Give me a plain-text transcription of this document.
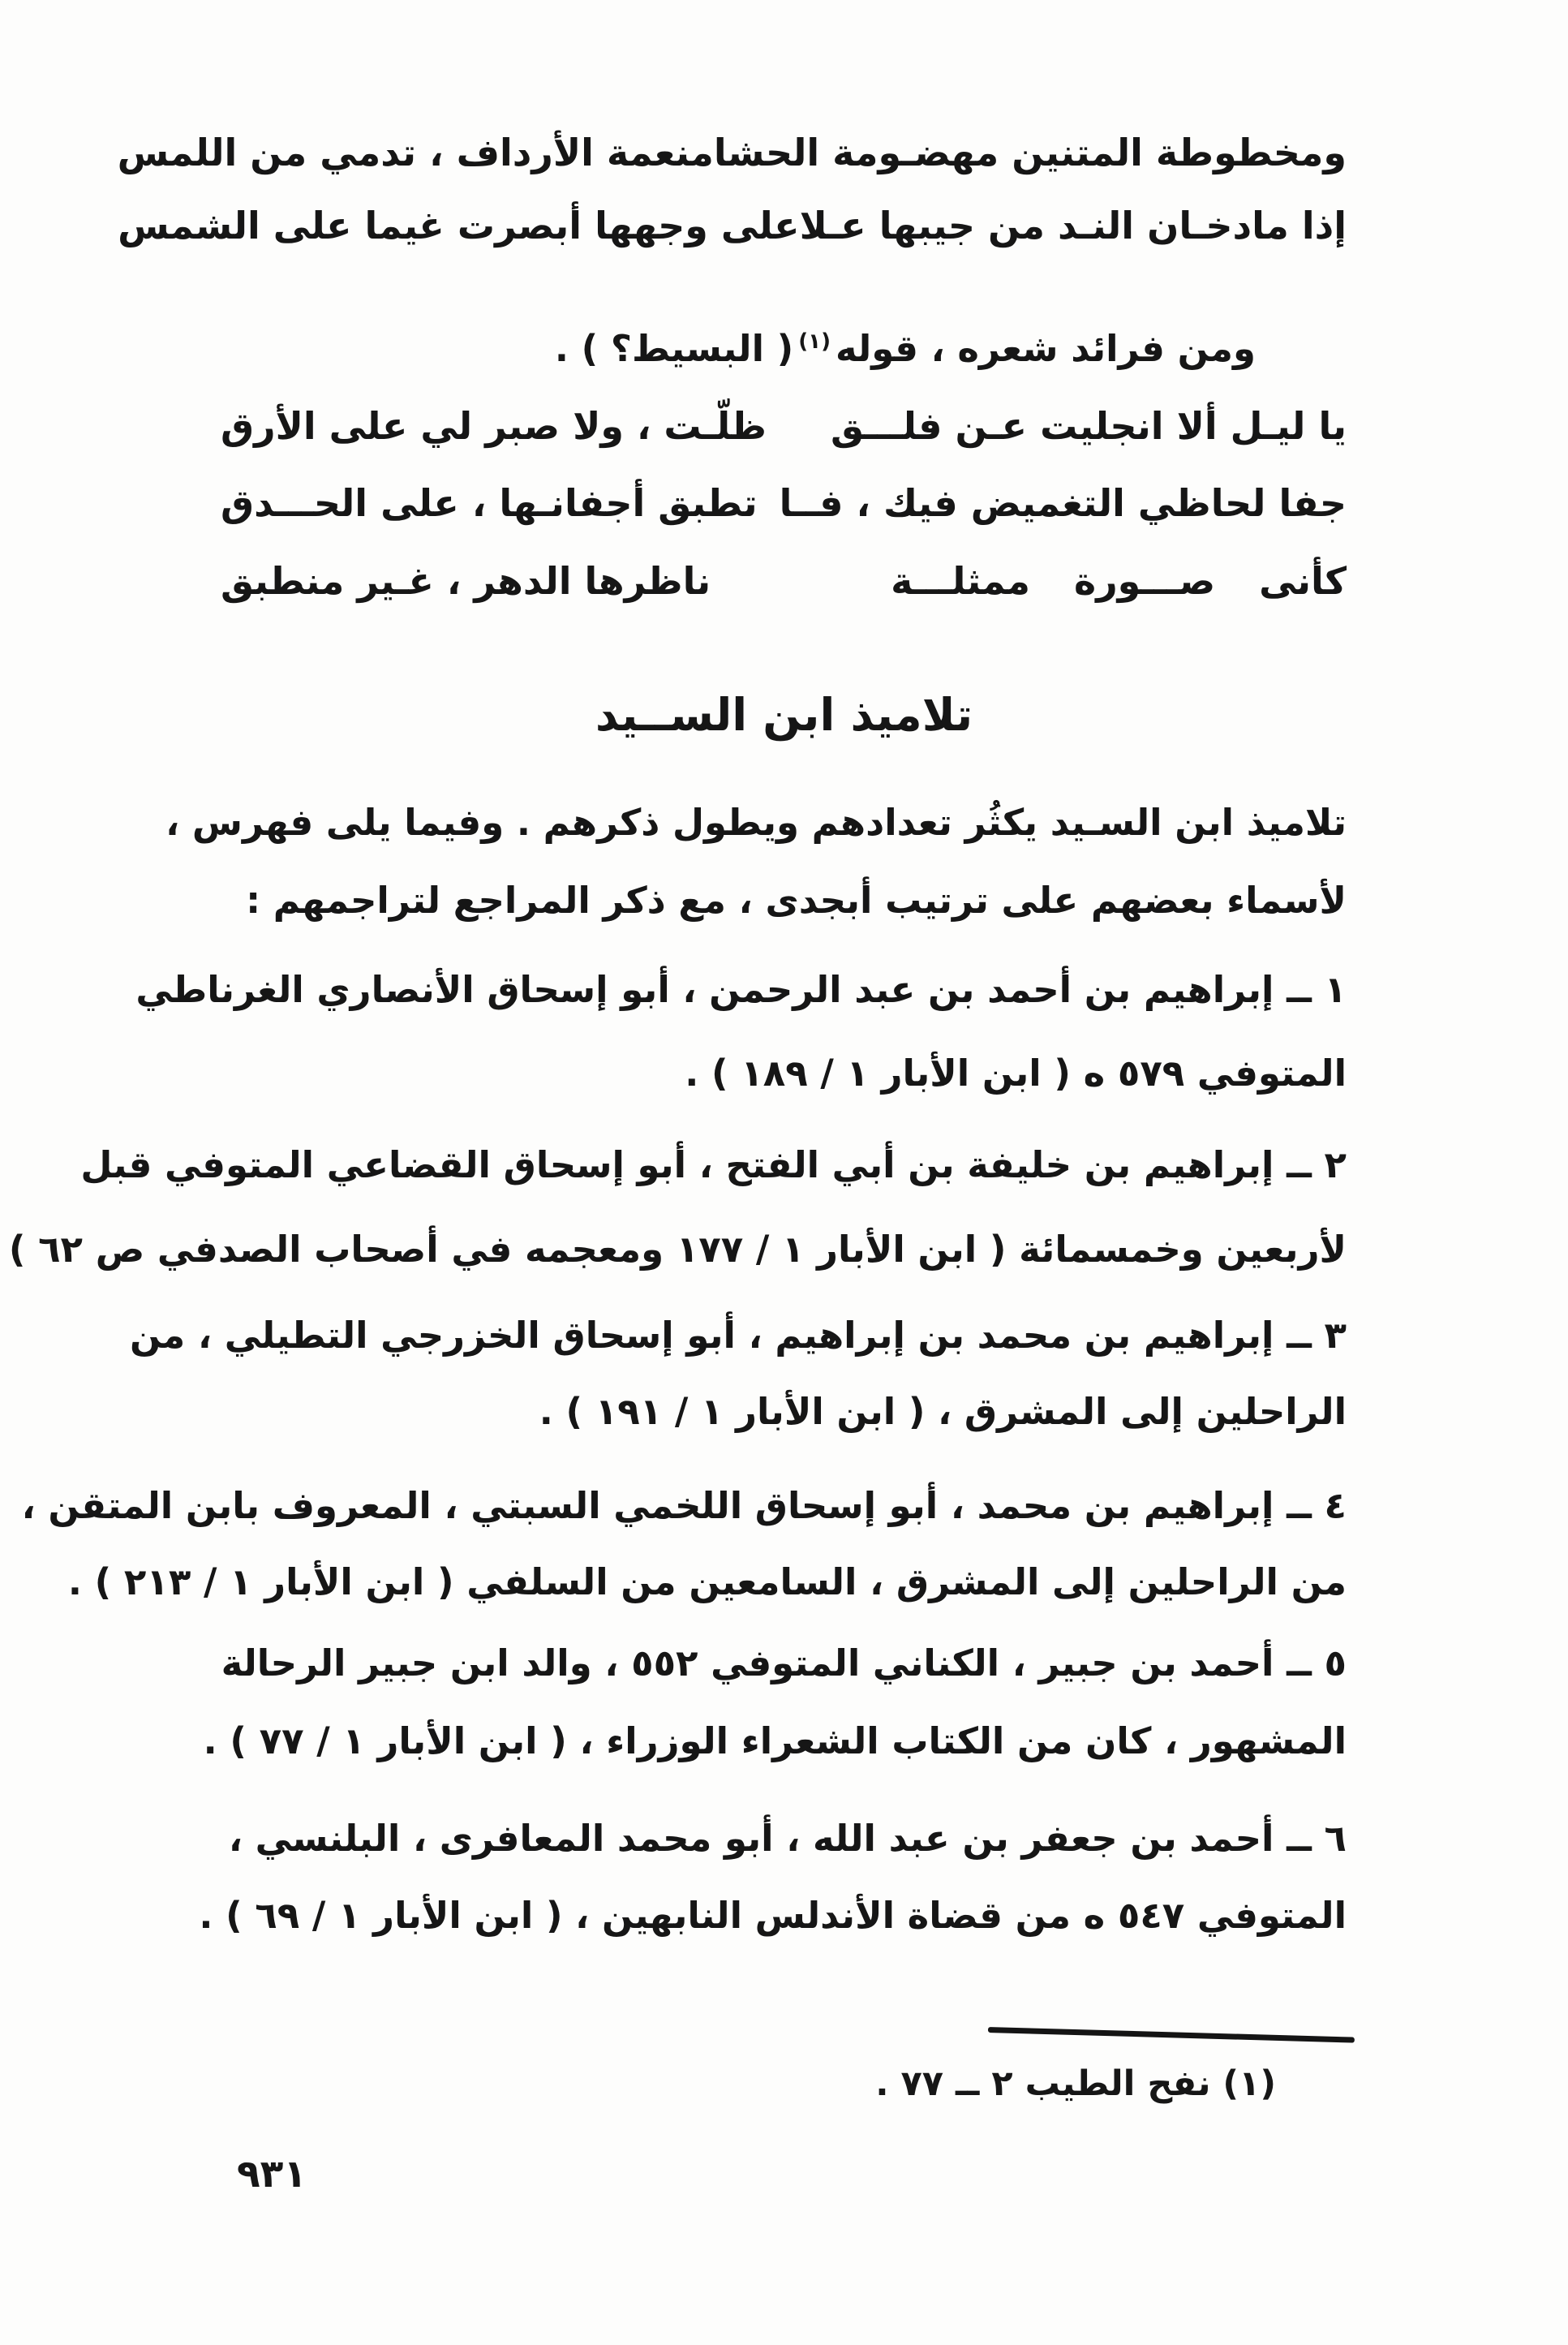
ومخطوطة المتنين مهضـومة الحشا
منعمة الأرداف ، تدمي من اللمس
إذا مادخـان النـد من جيبها عـلا
على وجهها أبصرت غيما على الشمس
ومن فرائد شعره ، قوله$^{(١)}$( البسيط؟ ) .
يا ليـل ألا انجليت عـن فلـــق
ظلّـت ، ولا صبر لي على الأرق
جفا لحاظي التغميض فيك ، فــا
تطبق أجفانـها ، على الحـــدق
كأنى صـــورة ممثلـــة
ناظرها الدهر ، غـير منطبق
تلاميذ ابن الســيد
تلاميذ ابن السـيد يكثُر تعدادهم ويطول ذكرهم . وفيما يلى فهرس ،
لأسماء بعضهم على ترتيب أبجدى ، مع ذكر المراجع لتراجمهم :
١ ــ إبراهيم بن أحمد بن عبد الرحمن ، أبو إسحاق الأنصاري الغرناطي
المتوفي ٥٧٩ ه ( ابن الأبار ١ / ١٨٩ ) .
٢ ــ إبراهيم بن خليفة بن أبي الفتح ، أبو إسحاق القضاعي المتوفي قبل
لأربعين وخمسمائة ( ابن الأبار ١ / ١٧٧ ومعجمه في أصحاب الصدفي ص ٦٢ )
٣ ــ إبراهيم بن محمد بن إبراهيم ، أبو إسحاق الخزرجي التطيلي ، من
الراحلين إلى المشرق ، ( ابن الأبار ١ / ١٩١ ) .
٤ ــ إبراهيم بن محمد ، أبو إسحاق اللخمي السبتي ، المعروف بابن المتقن ،
من الراحلين إلى المشرق ، السامعين من السلفي ( ابن الأبار ١ / ٢١٣ ) .
٥ ــ أحمد بن جبير ، الكناني المتوفي ٥٥٢ ، والد ابن جبير الرحالة
المشهور ، كان من الكتاب الشعراء الوزراء ، ( ابن الأبار ١ / ٧٧ ) .
٦ ــ أحمد بن جعفر بن عبد الله ، أبو محمد المعافرى ، البلنسي ،
المتوفي ٥٤٧ ه من قضاة الأندلس النابهين ، ( ابن الأبار ١ / ٦٩ ) .
(١) نفح الطيب ٢ ــ ٧٧ .
٩٣١
